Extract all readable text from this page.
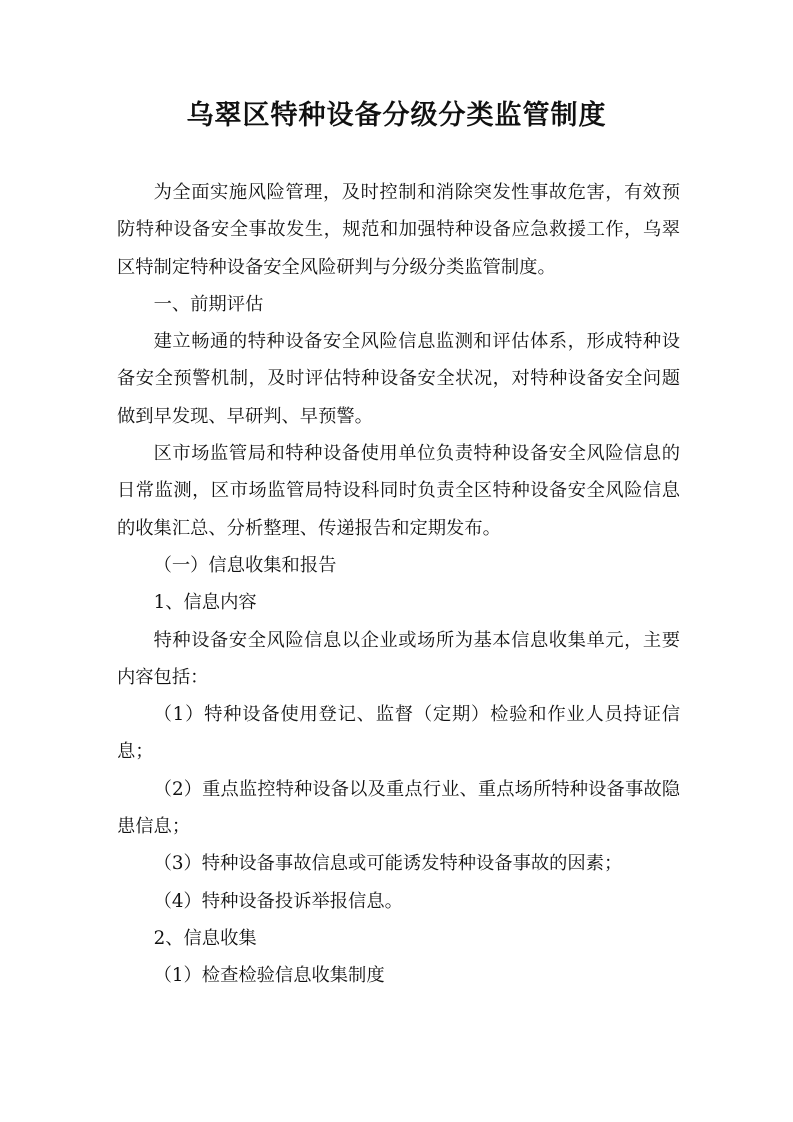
乌翠区特种设备分级分类监管制度

为全面实施风险管理，及时控制和消除突发性事故危害，有效预防特种设备安全事故发生，规范和加强特种设备应急救援工作，乌翠区特制定特种设备安全风险研判与分级分类监管制度。

一、前期评估

建立畅通的特种设备安全风险信息监测和评估体系，形成特种设备安全预警机制，及时评估特种设备安全状况，对特种设备安全问题做到早发现、早研判、早预警。

区市场监管局和特种设备使用单位负责特种设备安全风险信息的日常监测，区市场监管局特设科同时负责全区特种设备安全风险信息的收集汇总、分析整理、传递报告和定期发布。

（一）信息收集和报告

1、信息内容

特种设备安全风险信息以企业或场所为基本信息收集单元，主要内容包括：

（1）特种设备使用登记、监督（定期）检验和作业人员持证信息；

（2）重点监控特种设备以及重点行业、重点场所特种设备事故隐患信息；

（3）特种设备事故信息或可能诱发特种设备事故的因素；

（4）特种设备投诉举报信息。

2、信息收集

（1）检查检验信息收集制度
